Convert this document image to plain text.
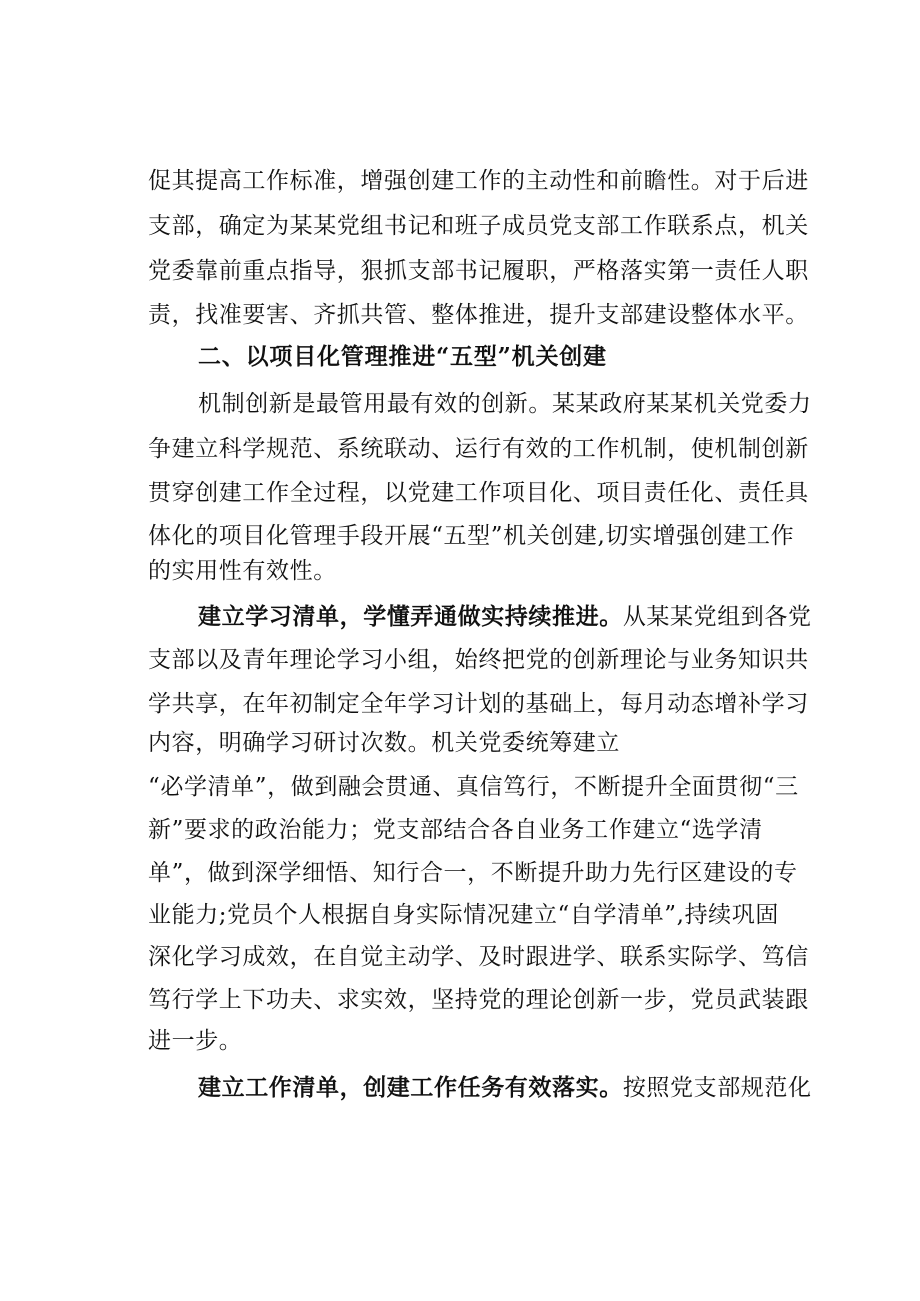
促其提高工作标准，增强创建工作的主动性和前瞻性。对于后进
支部，确定为某某党组书记和班子成员党支部工作联系点，机关
党委靠前重点指导，狠抓支部书记履职，严格落实第一责任人职
责，找准要害、齐抓共管、整体推进，提升支部建设整体水平。
二、以项目化管理推进“五型”机关创建
机制创新是最管用最有效的创新。某某政府某某机关党委力
争建立科学规范、系统联动、运行有效的工作机制，使机制创新
贯穿创建工作全过程，以党建工作项目化、项目责任化、责任具
体化的项目化管理手段开展“五型”机关创建,切实增强创建工作
的实用性有效性。
建立学习清单，学懂弄通做实持续推进。从某某党组到各党
支部以及青年理论学习小组，始终把党的创新理论与业务知识共
学共享，在年初制定全年学习计划的基础上，每月动态增补学习
内容，明确学习研讨次数。机关党委统筹建立
“必学清单”，做到融会贯通、真信笃行，不断提升全面贯彻“三
新”要求的政治能力；党支部结合各自业务工作建立“选学清
单”，做到深学细悟、知行合一，不断提升助力先行区建设的专
业能力;党员个人根据自身实际情况建立“自学清单”,持续巩固
深化学习成效，在自觉主动学、及时跟进学、联系实际学、笃信
笃行学上下功夫、求实效，坚持党的理论创新一步，党员武装跟
进一步。
建立工作清单，创建工作任务有效落实。按照党支部规范化
